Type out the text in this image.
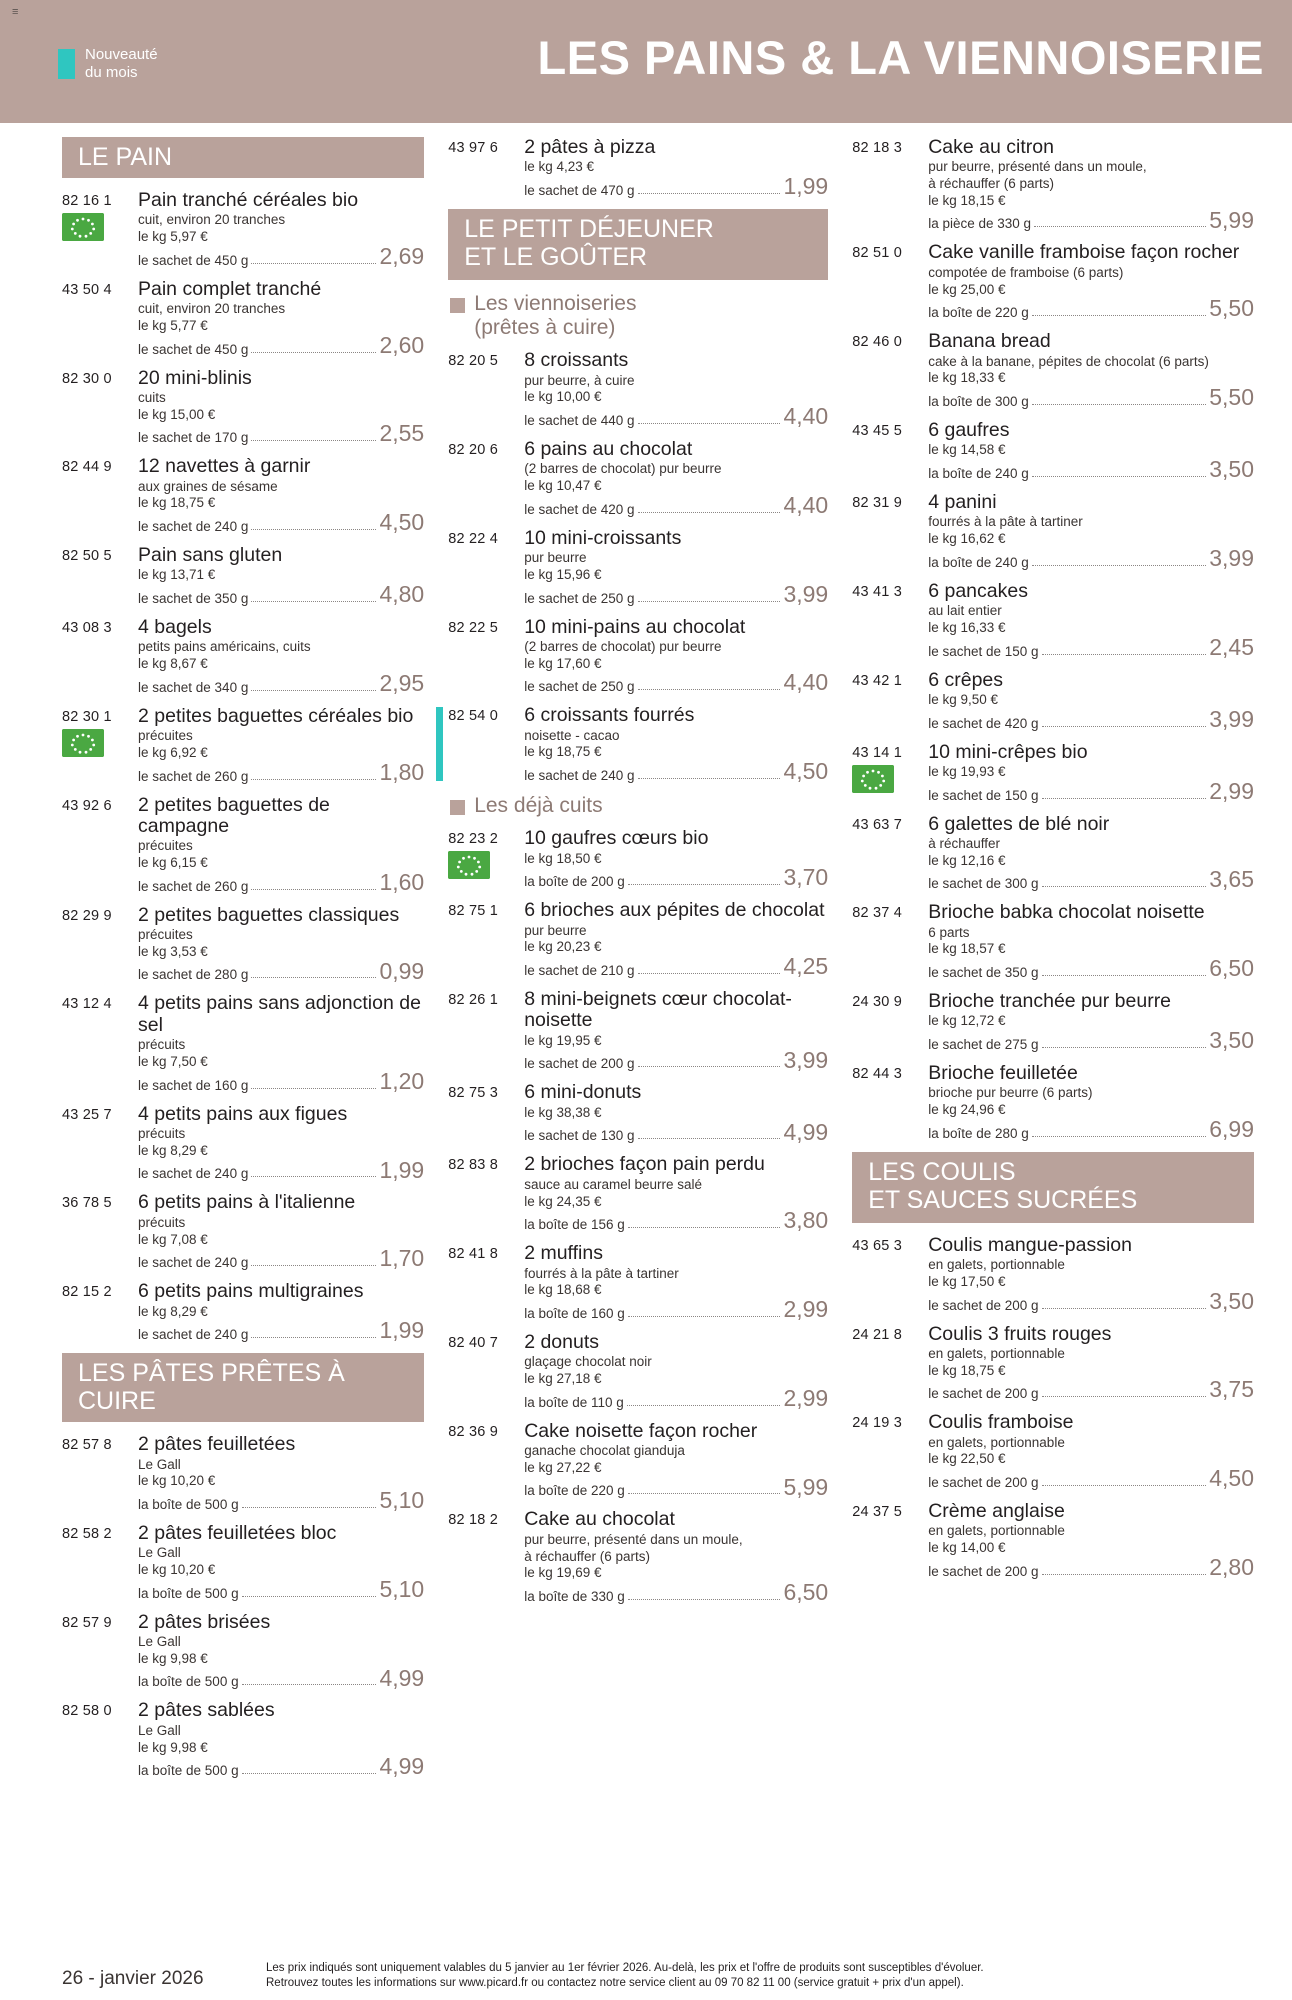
≡
Nouveauté
du mois	LES PAINS & LA VIENNOISERIE
LE PAIN
82 16 1	Pain tranché céréales bio
cuit, environ 20 tranches
le kg 5,97 €
le sachet de 450 g	2,69
43 50 4	Pain complet tranché
cuit, environ 20 tranches
le kg 5,77 €
le sachet de 450 g	2,60
82 30 0	20 mini-blinis
cuits
le kg 15,00 €
le sachet de 170 g	2,55
82 44 9	12 navettes à garnir
aux graines de sésame
le kg 18,75 €
le sachet de 240 g	4,50
82 50 5	Pain sans gluten
le kg 13,71 €
le sachet de 350 g	4,80
43 08 3	4 bagels
petits pains américains, cuits
le kg 8,67 €
le sachet de 340 g	2,95
82 30 1	2 petites baguettes céréales bio
précuites
le kg 6,92 €
le sachet de 260 g	1,80
43 92 6	2 petites baguettes de campagne
précuites
le kg 6,15 €
le sachet de 260 g	1,60
82 29 9	2 petites baguettes classiques
précuites
le kg 3,53 €
le sachet de 280 g	0,99
43 12 4	4 petits pains sans adjonction de sel
précuits
le kg 7,50 €
le sachet de 160 g	1,20
43 25 7	4 petits pains aux figues
précuits
le kg 8,29 €
le sachet de 240 g	1,99
36 78 5	6 petits pains à l'italienne
précuits
le kg 7,08 €
le sachet de 240 g	1,70
82 15 2	6 petits pains multigraines
le kg 8,29 €
le sachet de 240 g	1,99
LES PÂTES PRÊTES À CUIRE
82 57 8	2 pâtes feuilletées
Le Gall
le kg 10,20 €
la boîte de 500 g	5,10
82 58 2	2 pâtes feuilletées bloc
Le Gall
le kg 10,20 €
la boîte de 500 g	5,10
82 57 9	2 pâtes brisées
Le Gall
le kg 9,98 €
la boîte de 500 g	4,99
82 58 0	2 pâtes sablées
Le Gall
le kg 9,98 €
la boîte de 500 g	4,99
43 97 6	2 pâtes à pizza
le kg 4,23 €
le sachet de 470 g	1,99
LE PETIT DÉJEUNER
ET LE GOÛTER
Les viennoiseries
(prêtes à cuire)
82 20 5	8 croissants
pur beurre, à cuire
le kg 10,00 €
le sachet de 440 g	4,40
82 20 6	6 pains au chocolat
(2 barres de chocolat) pur beurre
le kg 10,47 €
le sachet de 420 g	4,40
82 22 4	10 mini-croissants
pur beurre
le kg 15,96 €
le sachet de 250 g	3,99
82 22 5	10 mini-pains au chocolat
(2 barres de chocolat) pur beurre
le kg 17,60 €
le sachet de 250 g	4,40
82 54 0	6 croissants fourrés
noisette - cacao
le kg 18,75 €
le sachet de 240 g	4,50
Les déjà cuits
82 23 2	10 gaufres cœurs bio
le kg 18,50 €
la boîte de 200 g	3,70
82 75 1	6 brioches aux pépites de chocolat
pur beurre
le kg 20,23 €
le sachet de 210 g	4,25
82 26 1	8 mini-beignets cœur chocolat-noisette
le kg 19,95 €
le sachet de 200 g	3,99
82 75 3	6 mini-donuts
le kg 38,38 €
le sachet de 130 g	4,99
82 83 8	2 brioches façon pain perdu
sauce au caramel beurre salé
le kg 24,35 €
la boîte de 156 g	3,80
82 41 8	2 muffins
fourrés à la pâte à tartiner
le kg 18,68 €
la boîte de 160 g	2,99
82 40 7	2 donuts
glaçage chocolat noir
le kg 27,18 €
la boîte de 110 g	2,99
82 36 9	Cake noisette façon rocher
ganache chocolat gianduja
le kg 27,22 €
la boîte de 220 g	5,99
82 18 2	Cake au chocolat
pur beurre, présenté dans un moule,
à réchauffer (6 parts)
le kg 19,69 €
la boîte de 330 g	6,50
82 18 3	Cake au citron
pur beurre, présenté dans un moule,
à réchauffer (6 parts)
le kg 18,15 €
la pièce de 330 g	5,99
82 51 0	Cake vanille framboise façon rocher
compotée de framboise (6 parts)
le kg 25,00 €
la boîte de 220 g	5,50
82 46 0	Banana bread
cake à la banane, pépites de chocolat (6 parts)
le kg 18,33 €
la boîte de 300 g	5,50
43 45 5	6 gaufres
le kg 14,58 €
la boîte de 240 g	3,50
82 31 9	4 panini
fourrés à la pâte à tartiner
le kg 16,62 €
la boîte de 240 g	3,99
43 41 3	6 pancakes
au lait entier
le kg 16,33 €
le sachet de 150 g	2,45
43 42 1	6 crêpes
le kg 9,50 €
le sachet de 420 g	3,99
43 14 1	10 mini-crêpes bio
le kg 19,93 €
le sachet de 150 g	2,99
43 63 7	6 galettes de blé noir
à réchauffer
le kg 12,16 €
le sachet de 300 g	3,65
82 37 4	Brioche babka chocolat noisette
6 parts
le kg 18,57 €
le sachet de 350 g	6,50
24 30 9	Brioche tranchée pur beurre
le kg 12,72 €
le sachet de 275 g	3,50
82 44 3	Brioche feuilletée
brioche pur beurre (6 parts)
le kg 24,96 €
la boîte de 280 g	6,99
LES COULIS
ET SAUCES SUCRÉES
43 65 3	Coulis mangue-passion
en galets, portionnable
le kg 17,50 €
le sachet de 200 g	3,50
24 21 8	Coulis 3 fruits rouges
en galets, portionnable
le kg 18,75 €
le sachet de 200 g	3,75
24 19 3	Coulis framboise
en galets, portionnable
le kg 22,50 €
le sachet de 200 g	4,50
24 37 5	Crème anglaise
en galets, portionnable
le kg 14,00 €
le sachet de 200 g	2,80
26 - janvier 2026
Les prix indiqués sont uniquement valables du 5 janvier au 1er février 2026. Au-delà, les prix et l'offre de produits sont susceptibles d'évoluer.
Retrouvez toutes les informations sur www.picard.fr ou contactez notre service client au 09 70 82 11 00 (service gratuit + prix d'un appel).
